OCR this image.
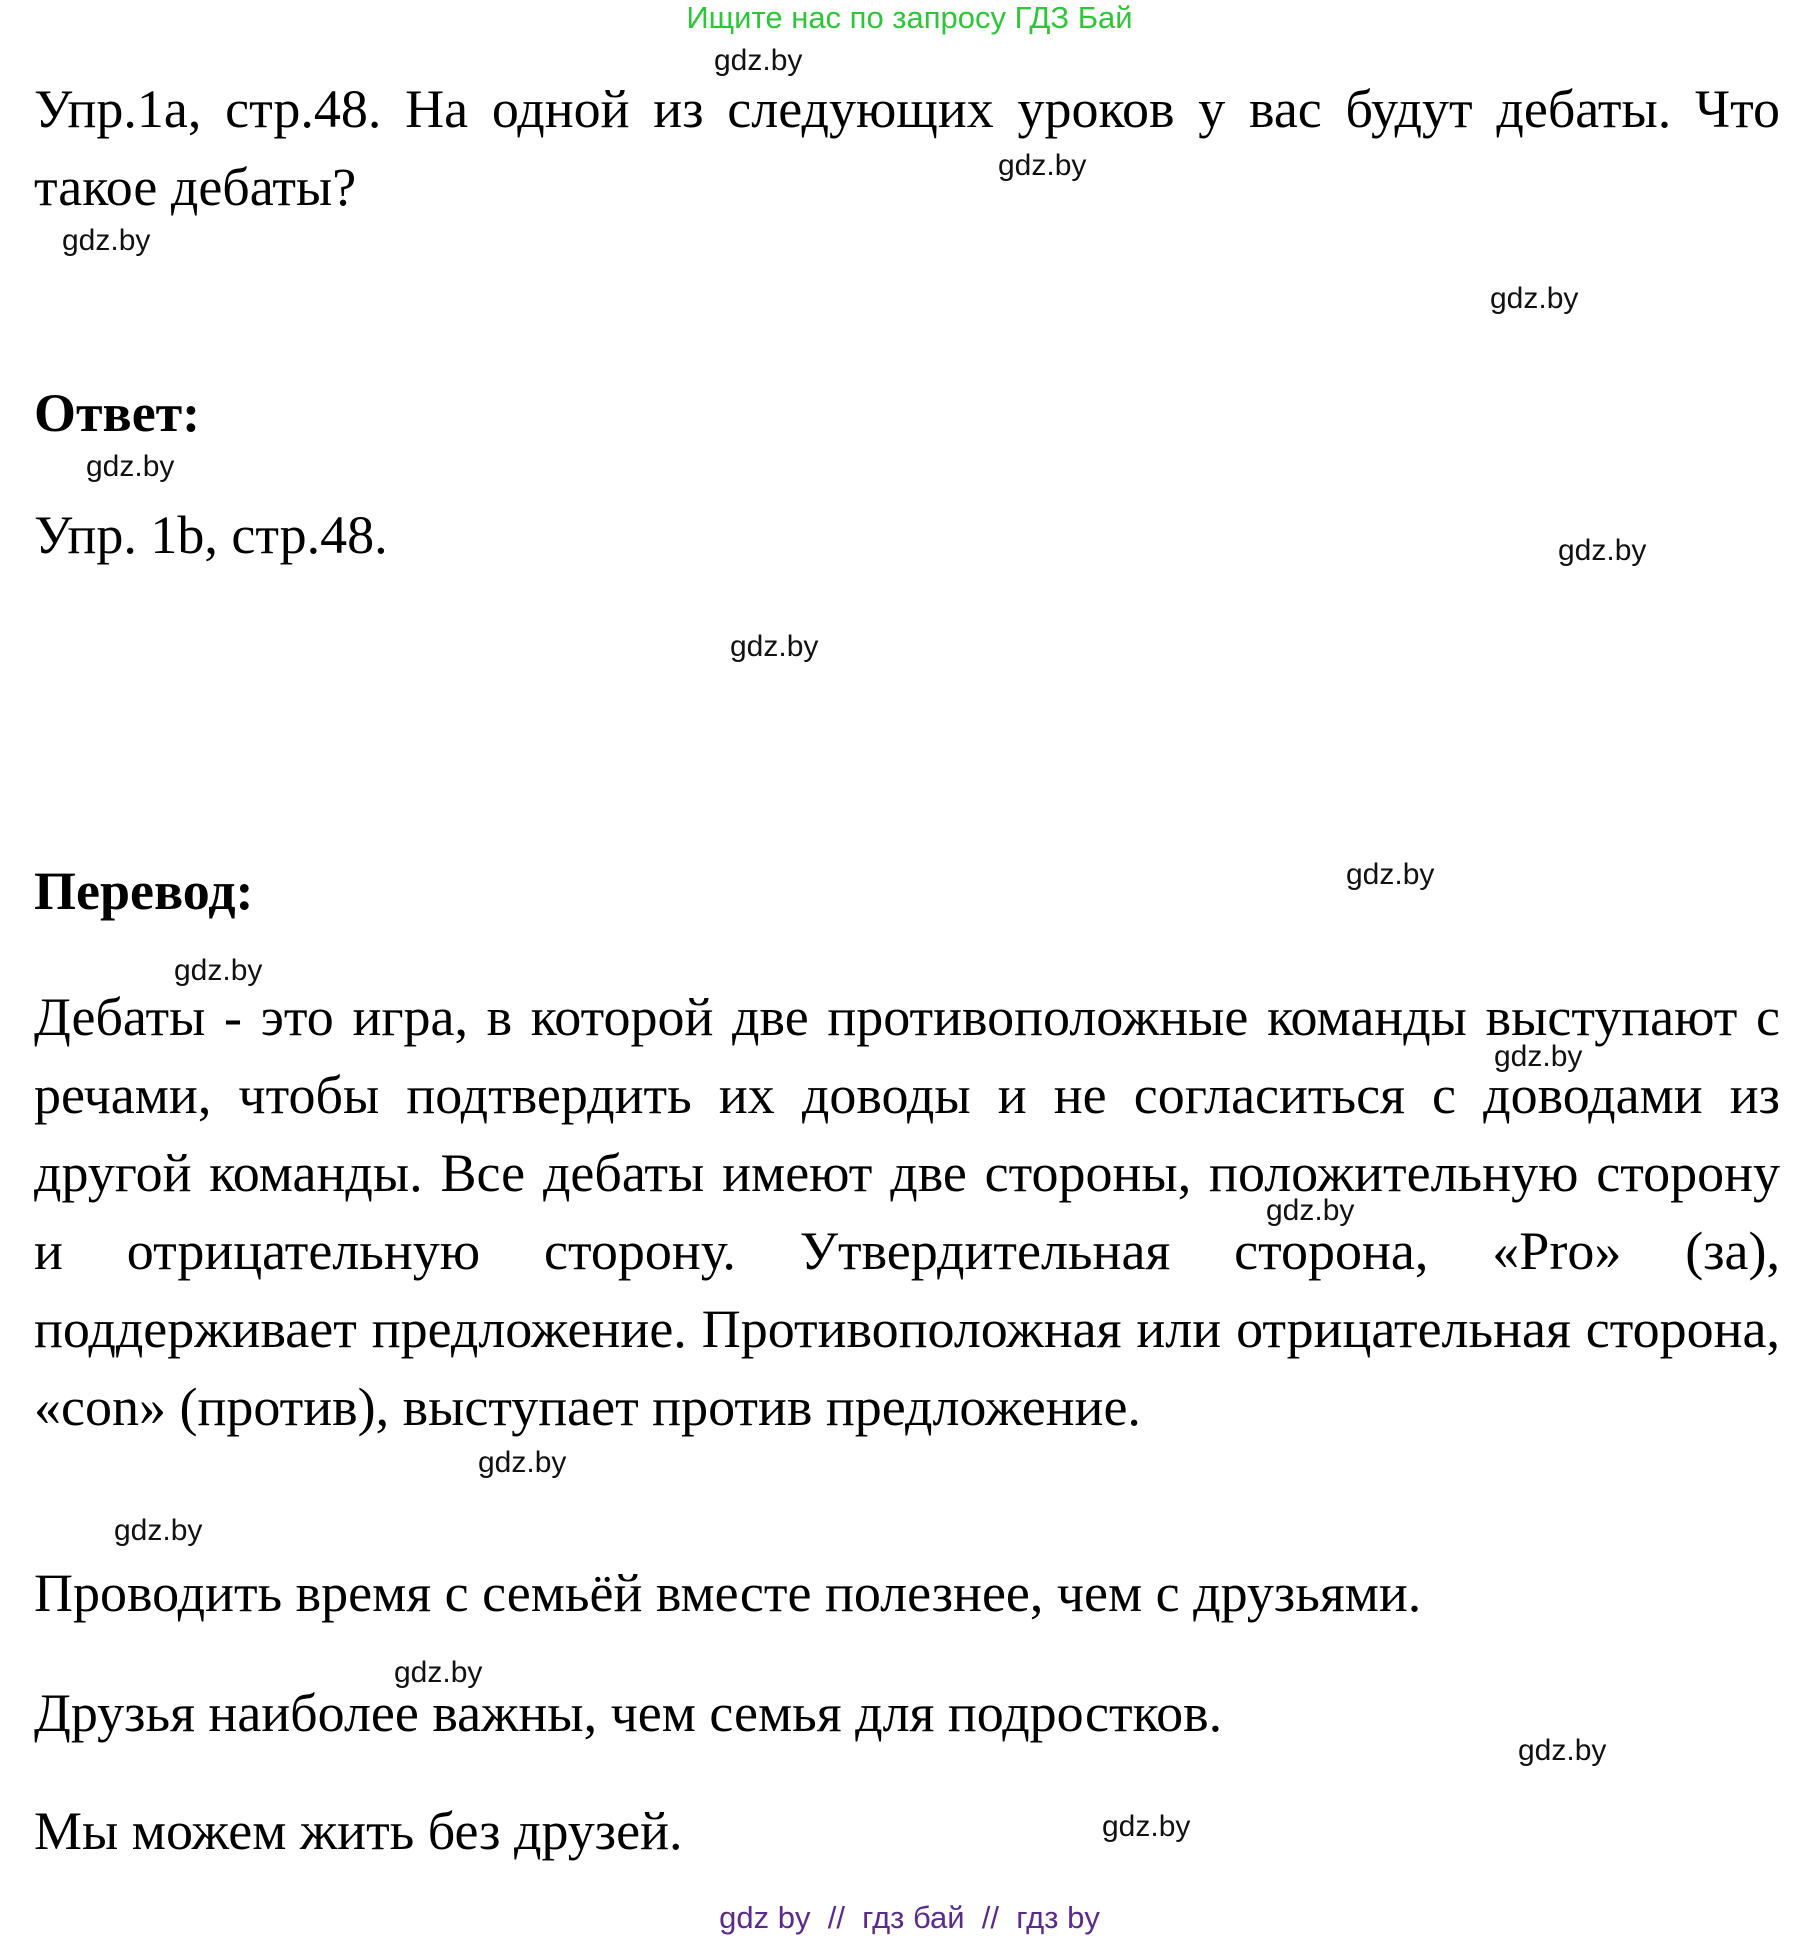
Ищите нас по запросу ГДЗ Бай
Упр.1а, стр.48. На одной из следующих уроков у вас будут дебаты. Что такое дебаты?
Ответ:
Упр. 1b, стр.48.
Перевод:
Дебаты - это игра, в которой две противоположные команды выступают с речами, чтобы подтвердить их доводы и не согласиться с доводами из другой команды. Все дебаты имеют две стороны, положительную сторону и отрицательную сторону. Утвердительная сторона, «Pro» (за), поддерживает предложение. Противоположная или отрицательная сторона, «con» (против), выступает против предложение.
Проводить время с семьёй вместе полезнее, чем с друзьями.
Друзья наиболее важны, чем семья для подростков.
Мы можем жить без друзей.
gdz.by
gdz.by
gdz.by
gdz.by
gdz.by
gdz.by
gdz.by
gdz.by
gdz.by
gdz.by
gdz.by
gdz.by
gdz.by
gdz.by
gdz.by
gdz.by
gdz by  //  гдз бай  //  гдз by
